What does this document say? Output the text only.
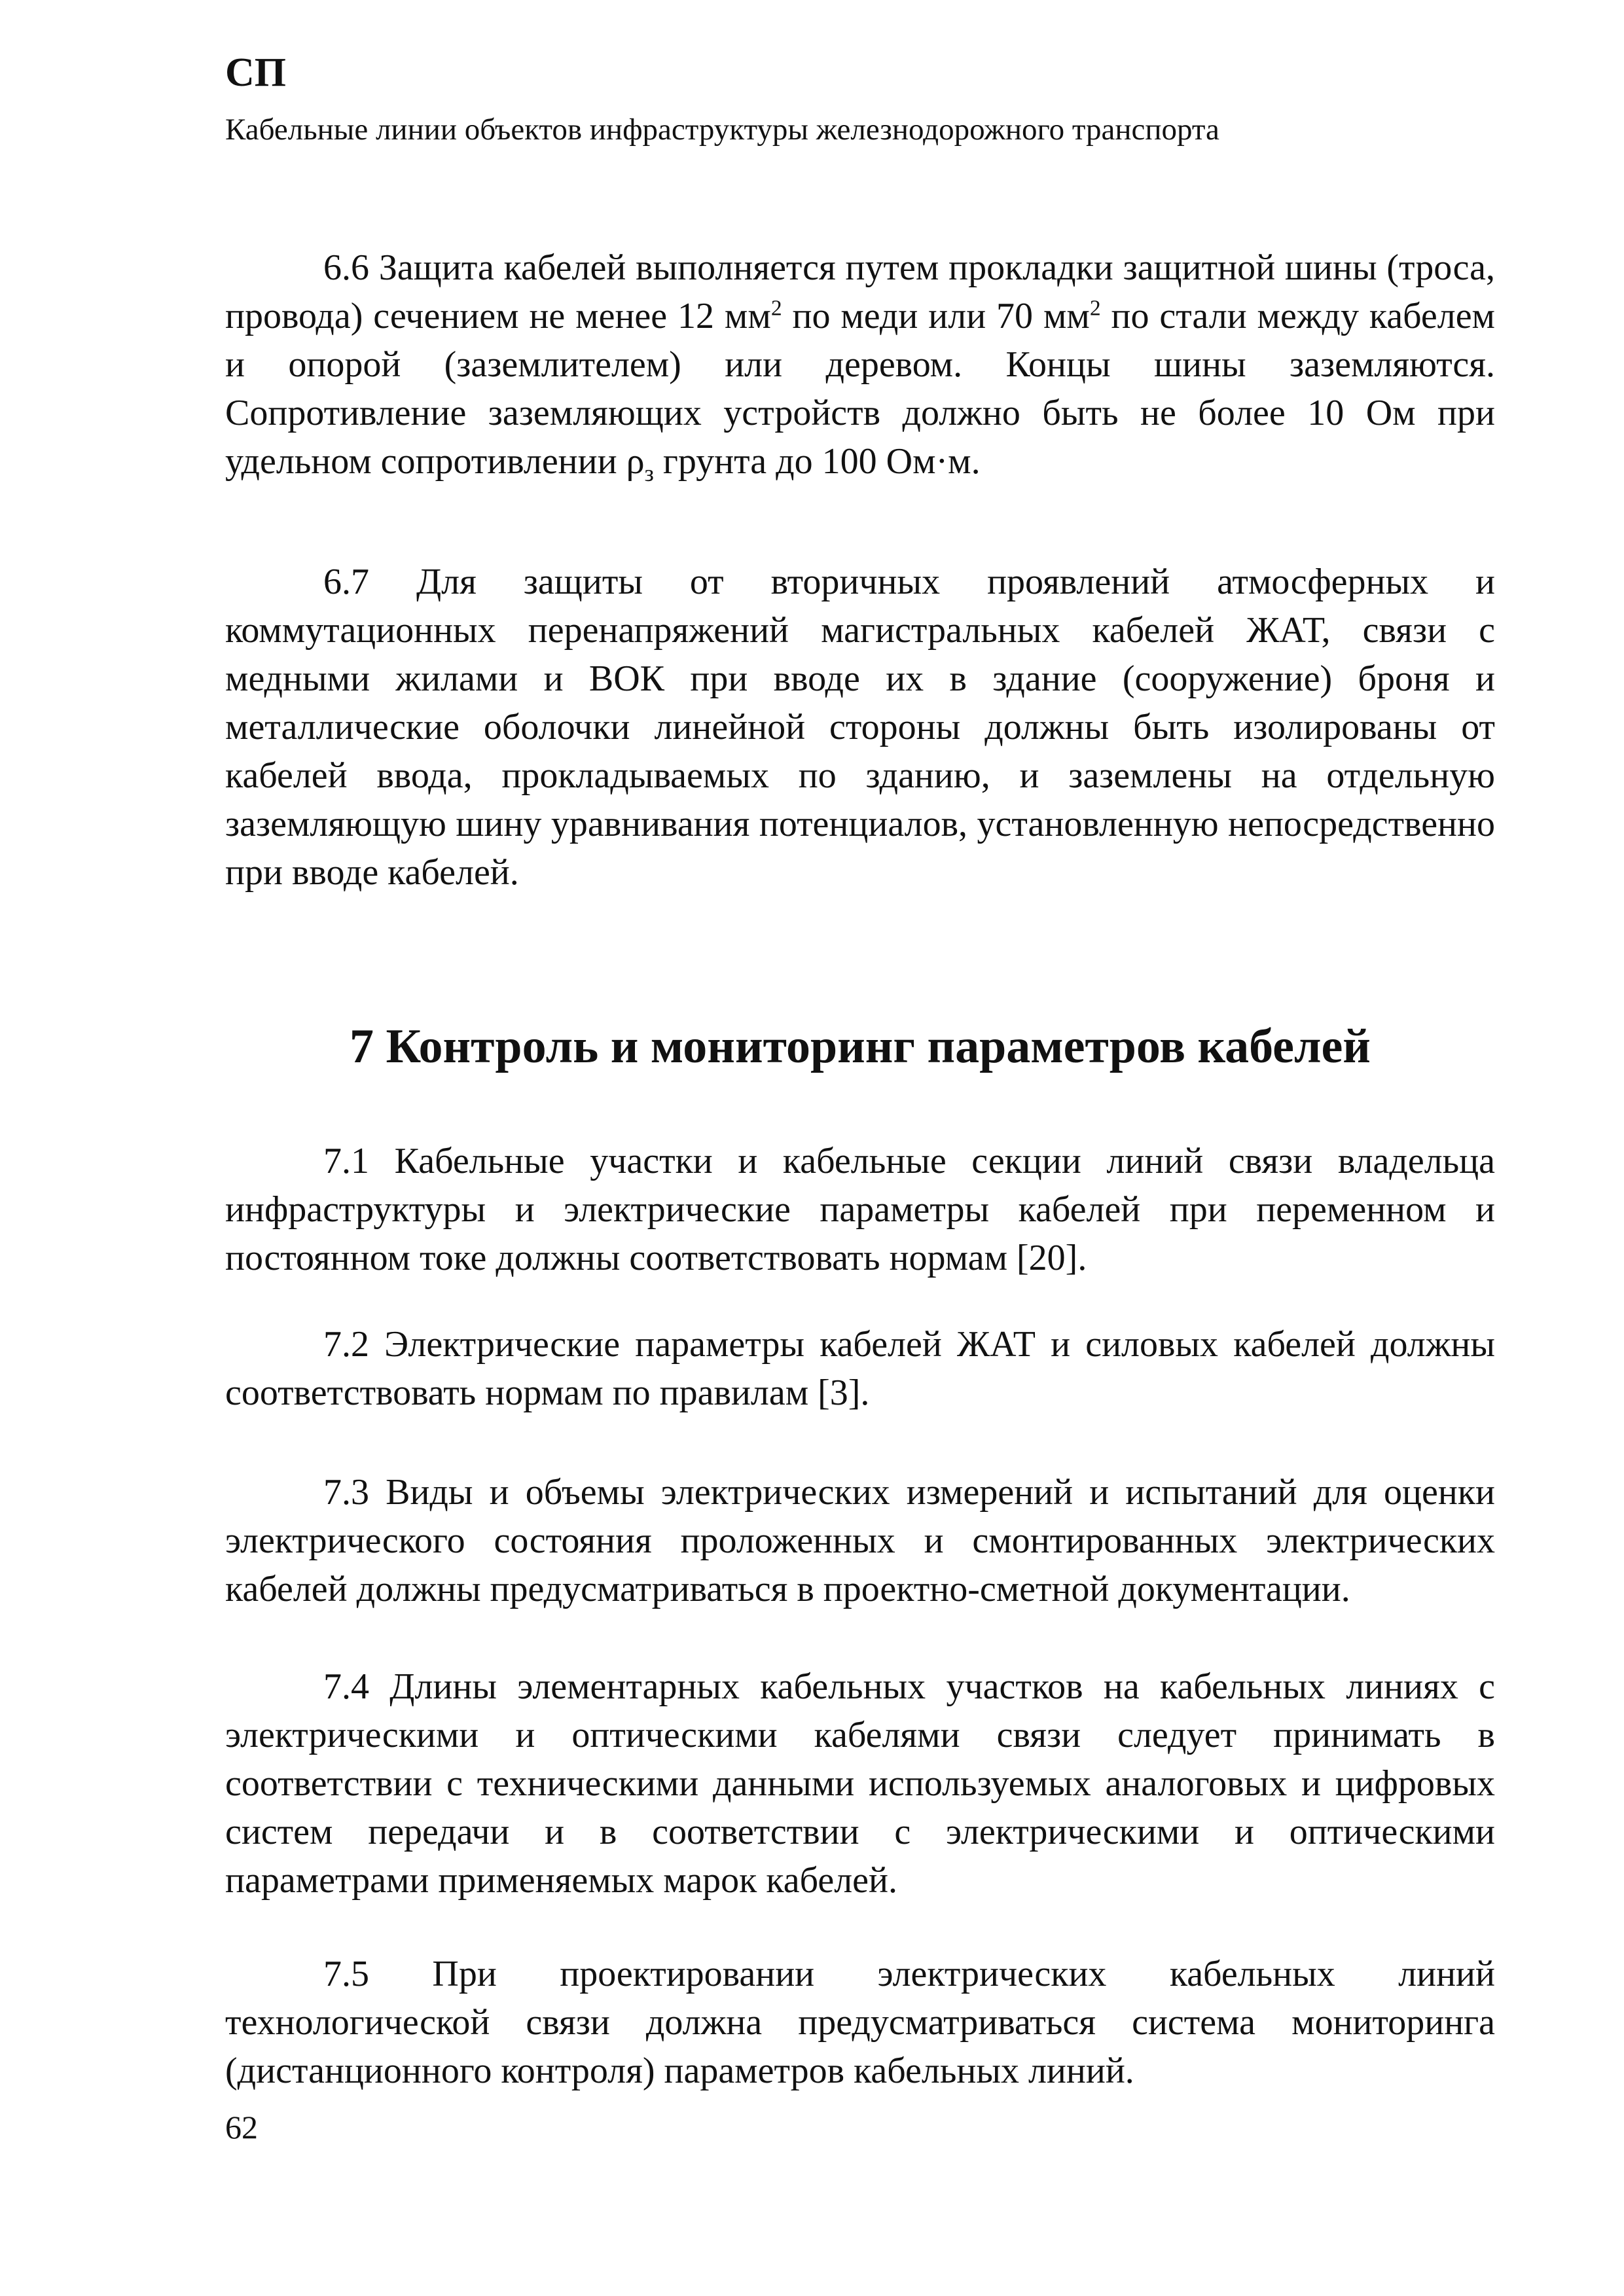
СП
Кабельные линии объектов инфраструктуры железнодорожного транспорта
6.6 Защита кабелей выполняется путем прокладки защитной шины (троса, провода) сечением не менее 12 $мм^2$ по меди или 70 $мм^2$ по стали между кабелем и опорой (заземлителем) или деревом. Концы шины заземляются. Сопротивление заземляющих устройств должно быть не более 10 Ом при удельном сопротивлении $\rho_з$ грунта до 100 Ом·м.
6.7 Для защиты от вторичных проявлений атмосферных и коммутационных перенапряжений магистральных кабелей ЖАТ, связи с медными жилами и ВОК при вводе их в здание (сооружение) броня и металлические оболочки линейной стороны должны быть изолированы от кабелей ввода, прокладываемых по зданию, и заземлены на отдельную заземляющую шину уравнивания потенциалов, установленную непосредственно при вводе кабелей.
7 Контроль и мониторинг параметров кабелей
7.1 Кабельные участки и кабельные секции линий связи владельца инфраструктуры и электрические параметры кабелей при переменном и постоянном токе должны соответствовать нормам [20].
7.2 Электрические параметры кабелей ЖАТ и силовых кабелей должны соответствовать нормам по правилам [3].
7.3 Виды и объемы электрических измерений и испытаний для оценки электрического состояния проложенных и смонтированных электрических кабелей должны предусматриваться в проектно-сметной документации.
7.4 Длины элементарных кабельных участков на кабельных линиях с электрическими и оптическими кабелями связи следует принимать в соответствии с техническими данными используемых аналоговых и цифровых систем передачи и в соответствии с электрическими и оптическими параметрами применяемых марок кабелей.
7.5 При проектировании электрических кабельных линий технологической связи должна предусматриваться система мониторинга (дистанционного контроля) параметров кабельных линий.
62
